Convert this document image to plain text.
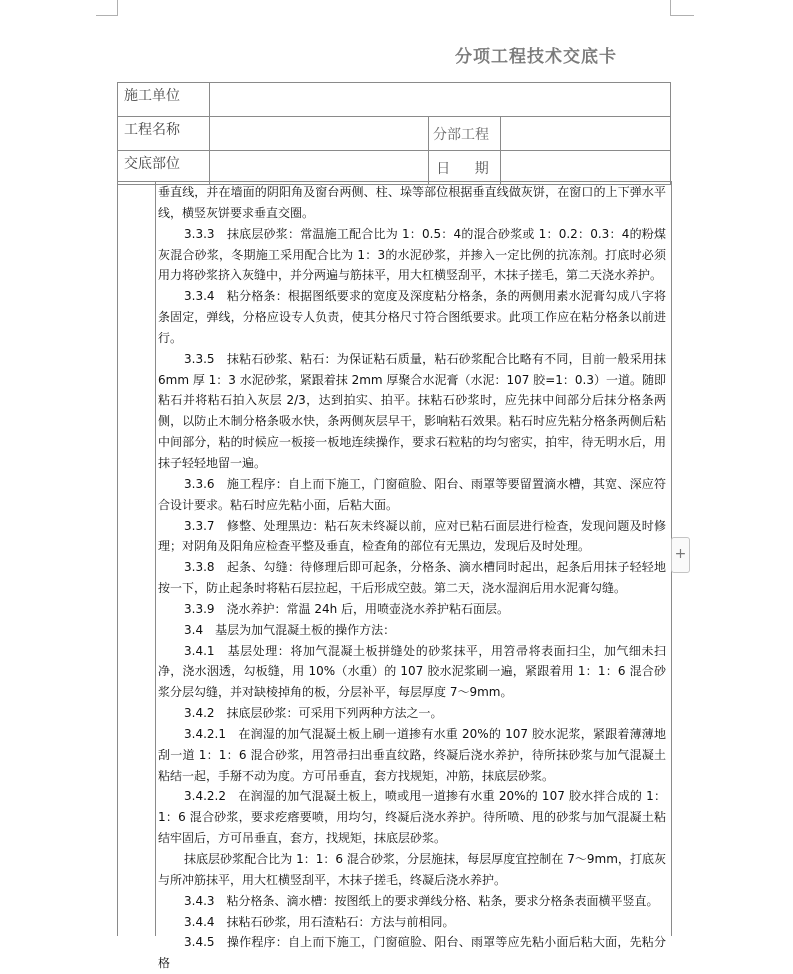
分项工程技术交底卡
施工单位			
工程名称		分部工程	
交底部位		日 期	

垂直线，并在墙面的阴阳角及窗台两侧、柱、垛等部位根据垂直线做灰饼，在窗口的上下弹水平线，横竖灰饼要求垂直交圈。

3.3.3　抹底层砂浆：常温施工配合比为 1：0.5：4的混合砂浆或 1：0.2：0.3：4的粉煤灰混合砂浆，冬期施工采用配合比为 1：3的水泥砂浆，并掺入一定比例的抗冻剂。打底时必须用力将砂浆挤入灰缝中，并分两遍与筋抹平，用大杠横竖刮平，木抹子搓毛，第二天浇水养护。

3.3.4　粘分格条：根据图纸要求的宽度及深度粘分格条，条的两侧用素水泥膏勾成八字将条固定，弹线，分格应设专人负责，使其分格尺寸符合图纸要求。此项工作应在粘分格条以前进行。

3.3.5　抹粘石砂浆、粘石：为保证粘石质量，粘石砂浆配合比略有不同，目前一般采用抹 6mm 厚 1：3 水泥砂浆，紧跟着抹 2mm 厚聚合水泥膏（水泥：107 胶=1：0.3）一道。随即粘石并将粘石拍入灰层 2/3，达到拍实、拍平。抹粘石砂浆时，应先抹中间部分后抹分格条两侧，以防止木制分格条吸水快，条两侧灰层早干，影响粘石效果。粘石时应先粘分格条两侧后粘中间部分，粘的时候应一板接一板地连续操作，要求石粒粘的均匀密实，拍牢，待无明水后，用抹子轻轻地留一遍。

3.3.6　施工程序：自上而下施工，门窗碹脸、阳台、雨罩等要留置滴水槽，其宽、深应符合设计要求。粘石时应先粘小面，后粘大面。

3.3.7　修整、处理黑边：粘石灰未终凝以前，应对已粘石面层进行检查，发现问题及时修理；对阴角及阳角应检查平整及垂直，检查角的部位有无黑边，发现后及时处理。

3.3.8　起条、勾缝：待修理后即可起条，分格条、滴水槽同时起出，起条后用抹子轻轻地按一下，防止起条时将粘石层拉起，干后形成空鼓。第二天，浇水湿润后用水泥膏勾缝。

3.3.9　浇水养护：常温 24h 后，用喷壶浇水养护粘石面层。

3.4　基层为加气混凝土板的操作方法：

3.4.1　基层处理：将加气混凝土板拼缝处的砂浆抹平，用笤帚将表面扫尘，加气细未扫净，浇水洇透，勾板缝，用 10%（水重）的 107 胶水泥浆刷一遍，紧跟着用 1：1：6 混合砂浆分层勾缝，并对缺棱掉角的板，分层补平，每层厚度 7～9mm。

3.4.2　抹底层砂浆：可采用下列两种方法之一。

3.4.2.1　在润湿的加气混凝土板上刷一道掺有水重 20%的 107 胶水泥浆，紧跟着薄薄地刮一道 1：1：6 混合砂浆，用笤帚扫出垂直纹路，终凝后浇水养护，待所抹砂浆与加气混凝土粘结一起，手掰不动为度。方可吊垂直，套方找规矩，冲筋，抹底层砂浆。

3.4.2.2　在润湿的加气混凝土板上，喷或甩一道掺有水重 20%的 107 胶水拌合成的 1：1：6 混合砂浆，要求疙瘩要喷，用均匀，终凝后浇水养护。待所喷、甩的砂浆与加气混凝土粘结牢固后，方可吊垂直，套方，找规矩，抹底层砂浆。

抹底层砂浆配合比为 1：1：6 混合砂浆，分层施抹，每层厚度宜控制在 7～9mm，打底灰与所冲筋抹平，用大杠横竖刮平，木抹子搓毛，终凝后浇水养护。

3.4.3　粘分格条、滴水槽：按图纸上的要求弹线分格、粘条，要求分格条表面横平竖直。

3.4.4　抹粘石砂浆，用石渣粘石：方法与前相同。

3.4.5　操作程序：自上而下施工，门窗碹脸、阳台、雨罩等应先粘小面后粘大面，先粘分格

+
